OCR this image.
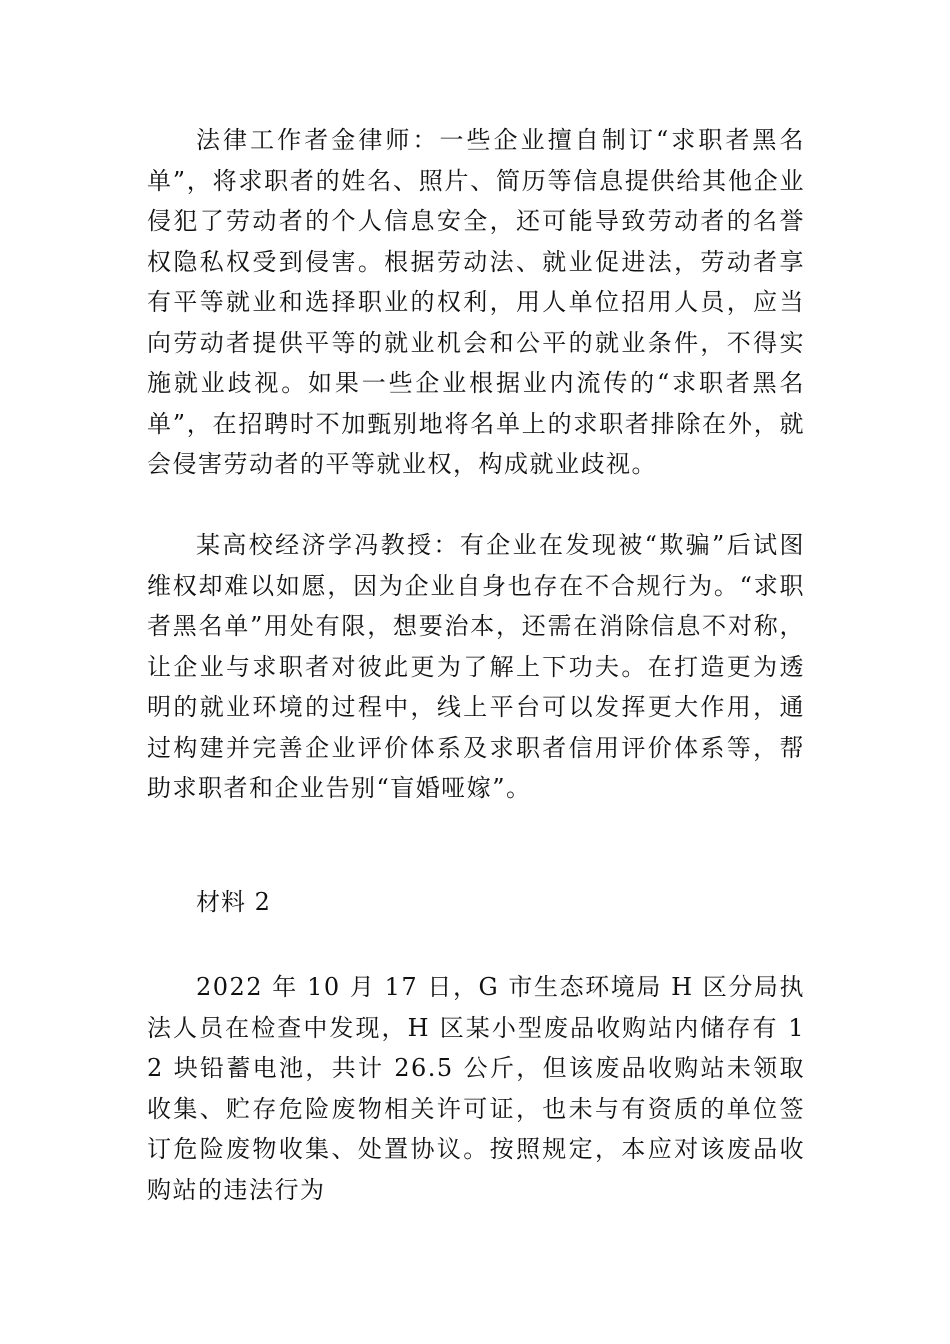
法律工作者金律师：一些企业擅自制订“求职者黑名单”，将求职者的姓名、照片、简历等信息提供给其他企业侵犯了劳动者的个人信息安全，还可能导致劳动者的名誉权隐私权受到侵害。根据劳动法、就业促进法，劳动者享有平等就业和选择职业的权利，用人单位招用人员，应当向劳动者提供平等的就业机会和公平的就业条件，不得实施就业歧视。如果一些企业根据业内流传的“求职者黑名单”，在招聘时不加甄别地将名单上的求职者排除在外，就会侵害劳动者的平等就业权，构成就业歧视。

某高校经济学冯教授：有企业在发现被“欺骗”后试图维权却难以如愿，因为企业自身也存在不合规行为。“求职者黑名单”用处有限，想要治本，还需在消除信息不对称，让企业与求职者对彼此更为了解上下功夫。在打造更为透明的就业环境的过程中，线上平台可以发挥更大作用，通过构建并完善企业评价体系及求职者信用评价体系等，帮助求职者和企业告别“盲婚哑嫁”。

材料 2

2022 年 10 月 17 日，G 市生态环境局 H 区分局执法人员在检查中发现，H 区某小型废品收购站内储存有 12 块铅蓄电池，共计 26.5 公斤，但该废品收购站未领取收集、贮存危险废物相关许可证，也未与有资质的单位签订危险废物收集、处置协议。按照规定，本应对该废品收购站的违法行为
